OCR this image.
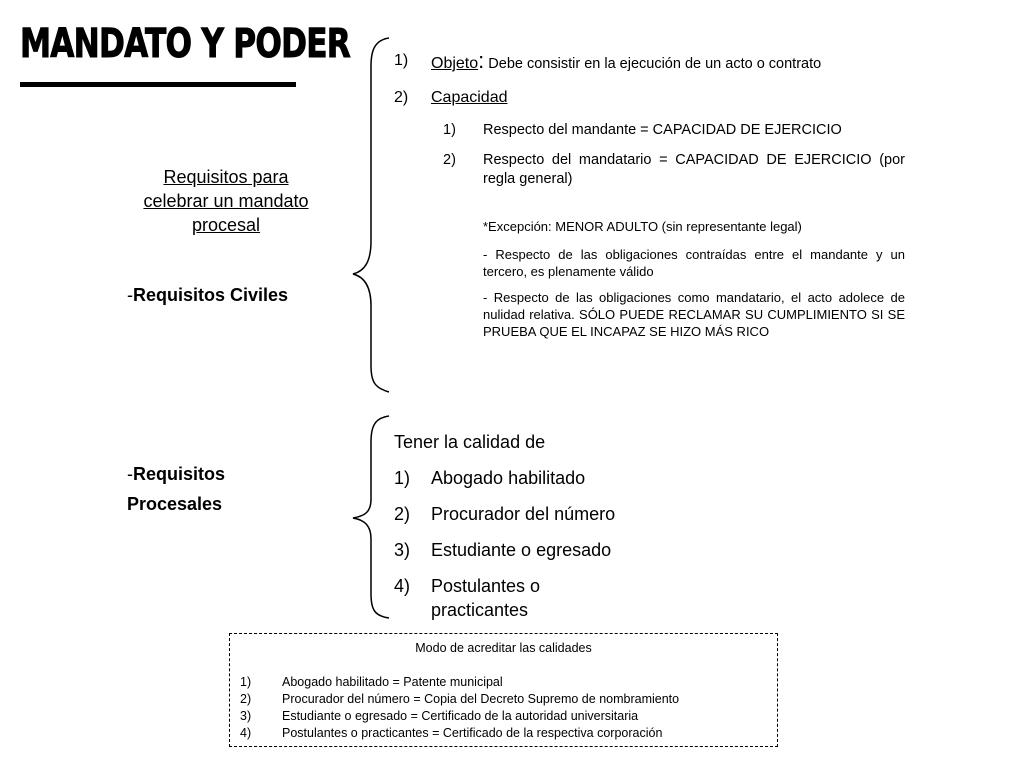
MANDATO Y PODER
Requisitos para celebrar un mandato procesal
-Requisitos Civiles
-Requisitos
Procesales
1) Objeto: Debe consistir en la ejecución de un acto o contrato
2) Capacidad
1) Respecto del mandante = CAPACIDAD DE EJERCICIO
2) Respecto del mandatario = CAPACIDAD DE EJERCICIO (por regla general)
*Excepción: MENOR ADULTO (sin representante legal)
- Respecto de las obligaciones contraídas entre el mandante y un tercero, es plenamente válido
- Respecto de las obligaciones como mandatario, el acto adolece de nulidad relativa. SÓLO PUEDE RECLAMAR SU CUMPLIMIENTO SI SE PRUEBA QUE EL INCAPAZ SE HIZO MÁS RICO
Tener la calidad de
1) Abogado habilitado
2) Procurador del número
3) Estudiante o egresado
4) Postulantes o practicantes
Modo de acreditar las calidades
1) Abogado habilitado = Patente municipal
2) Procurador del número = Copia del Decreto Supremo de nombramiento
3) Estudiante o egresado = Certificado de la autoridad universitaria
4) Postulantes o practicantes = Certificado de la respectiva corporación
